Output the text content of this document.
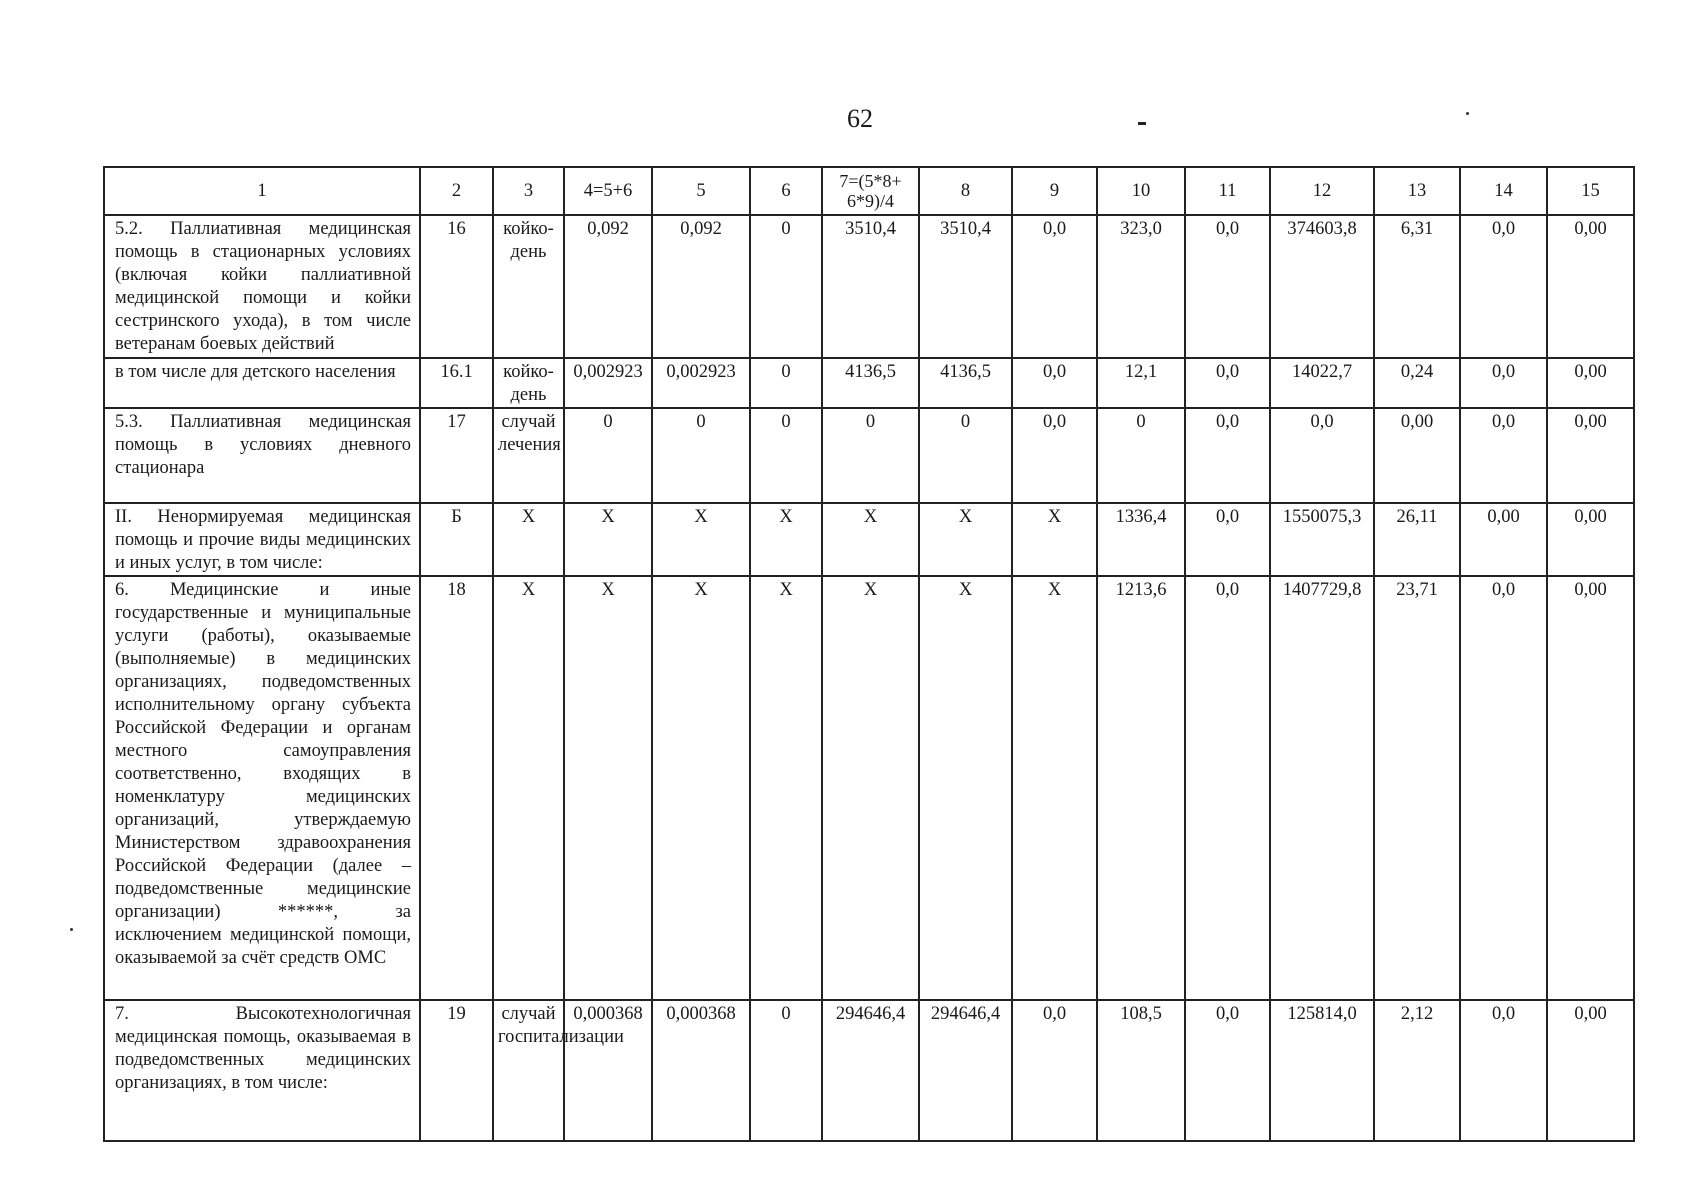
62
1	2	3	4=5+6	5	6	7=(5*8+ 6*9)/4	8	9	10	11	12	13	14	15
5.2. Паллиативная медицинская помощь в стационарных условиях (включая койки паллиативной медицинской помощи и койки сестринского ухода), в том числе ветеранам боевых действий	16	койко-день	0,092	0,092	0	3510,4	3510,4	0,0	323,0	0,0	374603,8	6,31	0,0	0,00
в том числе для детского населения	16.1	койко-день	0,002923	0,002923	0	4136,5	4136,5	0,0	12,1	0,0	14022,7	0,24	0,0	0,00
5.3. Паллиативная медицинская помощь в условиях дневного стационара	17	случай лечения	0	0	0	0	0	0,0	0	0,0	0,0	0,00	0,0	0,00
II. Ненормируемая медицинская помощь и прочие виды медицинских и иных услуг, в том числе:	Б	X	X	X	X	X	X	X	1336,4	0,0	1550075,3	26,11	0,00	0,00
6. Медицинские и иные государственные и муниципальные услуги (работы), оказываемые (выполняемые) в медицинских организациях, подведомственных исполнительному органу субъекта Российской Федерации и органам местного самоуправления соответственно, входящих в номенклатуру медицинских организаций, утверждаемую Министерством здравоохранения Российской Федерации (далее – подведомственные медицинские организации) ******, за исключением медицинской помощи, оказываемой за счёт средств ОМС	18	X	X	X	X	X	X	X	1213,6	0,0	1407729,8	23,71	0,0	0,00
7. Высокотехнологичная медицинская помощь, оказываемая в подведомственных медицинских организациях, в том числе:	19	случай госпитализации	0,000368	0,000368	0	294646,4	294646,4	0,0	108,5	0,0	125814,0	2,12	0,0	0,00
